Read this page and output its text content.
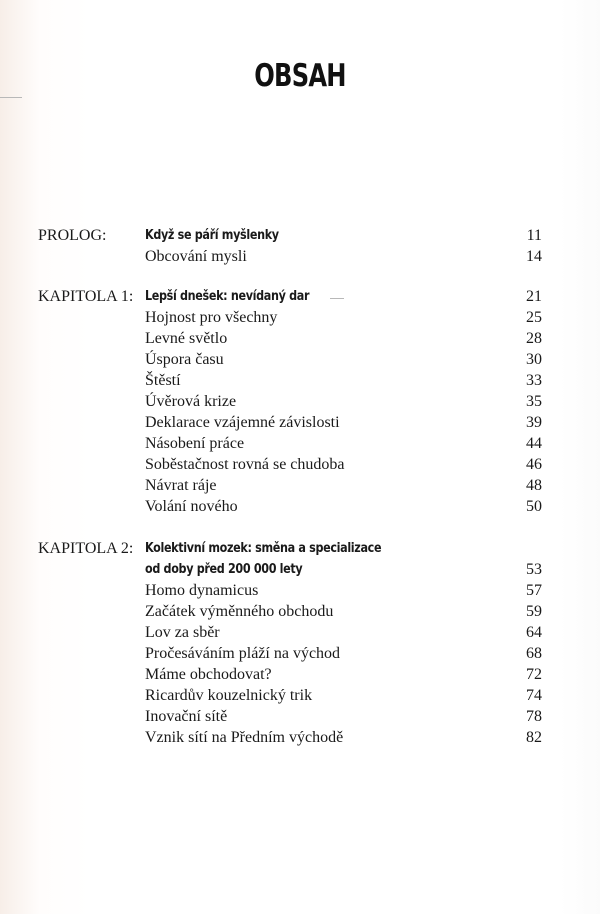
OBSAH
PROLOG:	Když se páří myšlenky	11
Obcování mysli	14
KAPITOLA 1: Lepší dnešek: nevídaný dar	21
Hojnost pro všechny	25
Levné světlo	28
Úspora času	30
Štěstí	33
Úvěrová krize	35
Deklarace vzájemné závislosti	39
Násobení práce	44
Soběstačnost rovná se chudoba	46
Návrat ráje	48
Volání nového	50
KAPITOLA 2: Kolektivní mozek: směna a specializace
od doby před 200 000 lety	53
Homo dynamicus	57
Začátek výměnného obchodu	59
Lov za sběr	64
Pročesáváním pláží na východ	68
Máme obchodovat?	72
Ricardův kouzelnický trik	74
Inovační sítě	78
Vznik sítí na Předním východě	82
